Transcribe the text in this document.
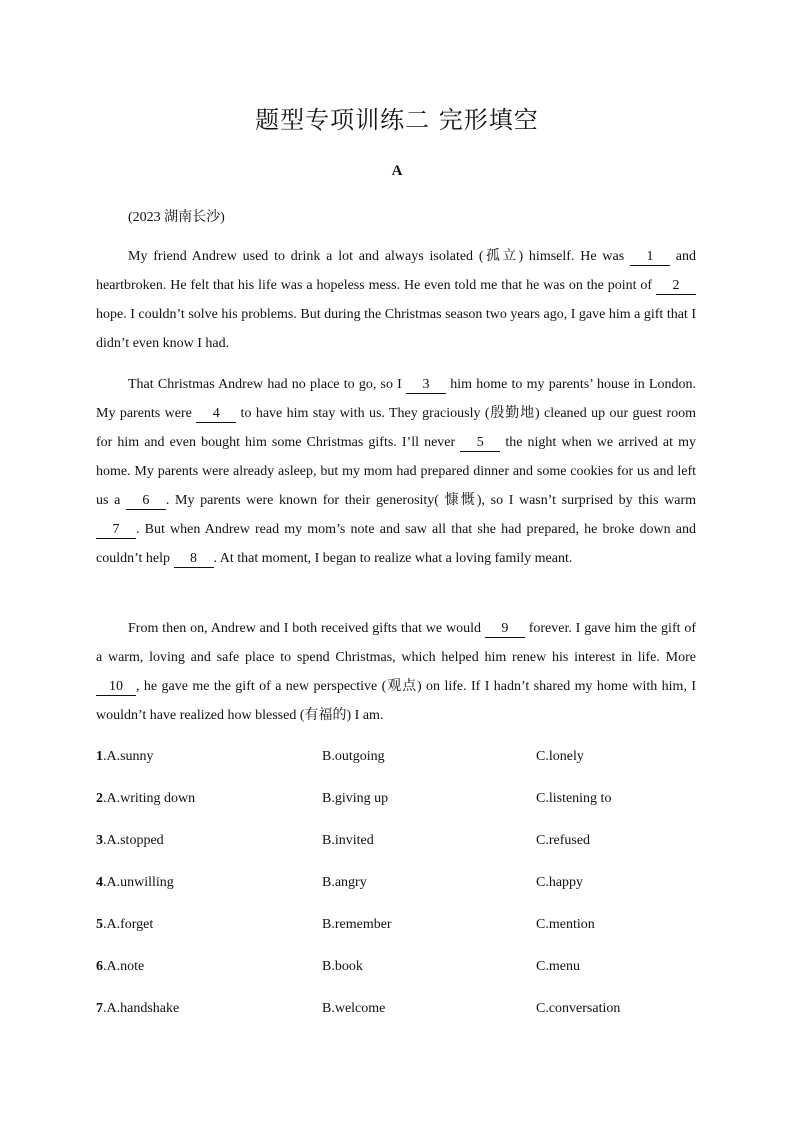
题型专项训练二 完形填空
A
(2023 湖南长沙)

My friend Andrew used to drink a lot and always isolated (孤立) himself. He was 1 and heartbroken. He felt that his life was a hopeless mess. He even told me that he was on the point of 2 hope. I couldn’t solve his problems. But during the Christmas season two years ago, I gave him a gift that I didn’t even know I had.

That Christmas Andrew had no place to go, so I 3 him home to my parents’ house in London. My parents were 4 to have him stay with us. They graciously (殷勤地) cleaned up our guest room for him and even bought him some Christmas gifts. I’ll never 5 the night when we arrived at my home. My parents were already asleep, but my mom had prepared dinner and some cookies for us and left us a 6 . My parents were known for their generosity( 慷慨), so I wasn’t surprised by this warm 7 . But when Andrew read my mom’s note and saw all that she had prepared, he broke down and couldn’t help 8 . At that moment, I began to realize what a loving family meant.

From then on, Andrew and I both received gifts that we would 9 forever. I gave him the gift of a warm, loving and safe place to spend Christmas, which helped him renew his interest in life. More 10 , he gave me the gift of a new perspective (观点) on life. If I hadn’t shared my home with him, I wouldn’t have realized how blessed (有福的) I am.

1.A.sunny	B.outgoing	C.lonely
2.A.writing down	B.giving up	C.listening to
3.A.stopped	B.invited	C.refused
4.A.unwilling	B.angry	C.happy
5.A.forget	B.remember	C.mention
6.A.note	B.book	C.menu
7.A.handshake	B.welcome	C.conversation
